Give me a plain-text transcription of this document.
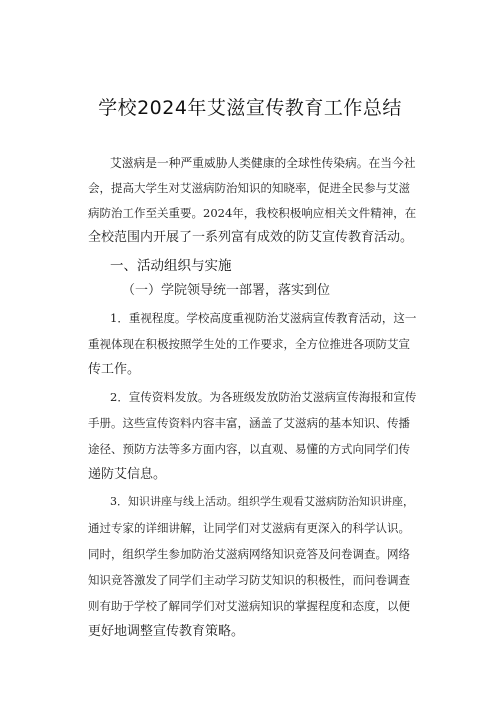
学校2024年艾滋宣传教育工作总结
艾滋病是一种严重威胁人类健康的全球性传染病。在当今社
会，提高大学生对艾滋病防治知识的知晓率，促进全民参与艾滋
病防治工作至关重要。2024年，我校积极响应相关文件精神，在
全校范围内开展了一系列富有成效的防艾宣传教育活动。
一、活动组织与实施
（一）学院领导统一部署，落实到位
1．重视程度。学校高度重视防治艾滋病宣传教育活动，这一
重视体现在积极按照学生处的工作要求，全方位推进各项防艾宣
传工作。
2．宣传资料发放。为各班级发放防治艾滋病宣传海报和宣传
手册。这些宣传资料内容丰富，涵盖了艾滋病的基本知识、传播
途径、预防方法等多方面内容，以直观、易懂的方式向同学们传
递防艾信息。
3．知识讲座与线上活动。组织学生观看艾滋病防治知识讲座，
通过专家的详细讲解，让同学们对艾滋病有更深入的科学认识。
同时，组织学生参加防治艾滋病网络知识竞答及问卷调查。网络
知识竞答激发了同学们主动学习防艾知识的积极性，而问卷调查
则有助于学校了解同学们对艾滋病知识的掌握程度和态度，以便
更好地调整宣传教育策略。
